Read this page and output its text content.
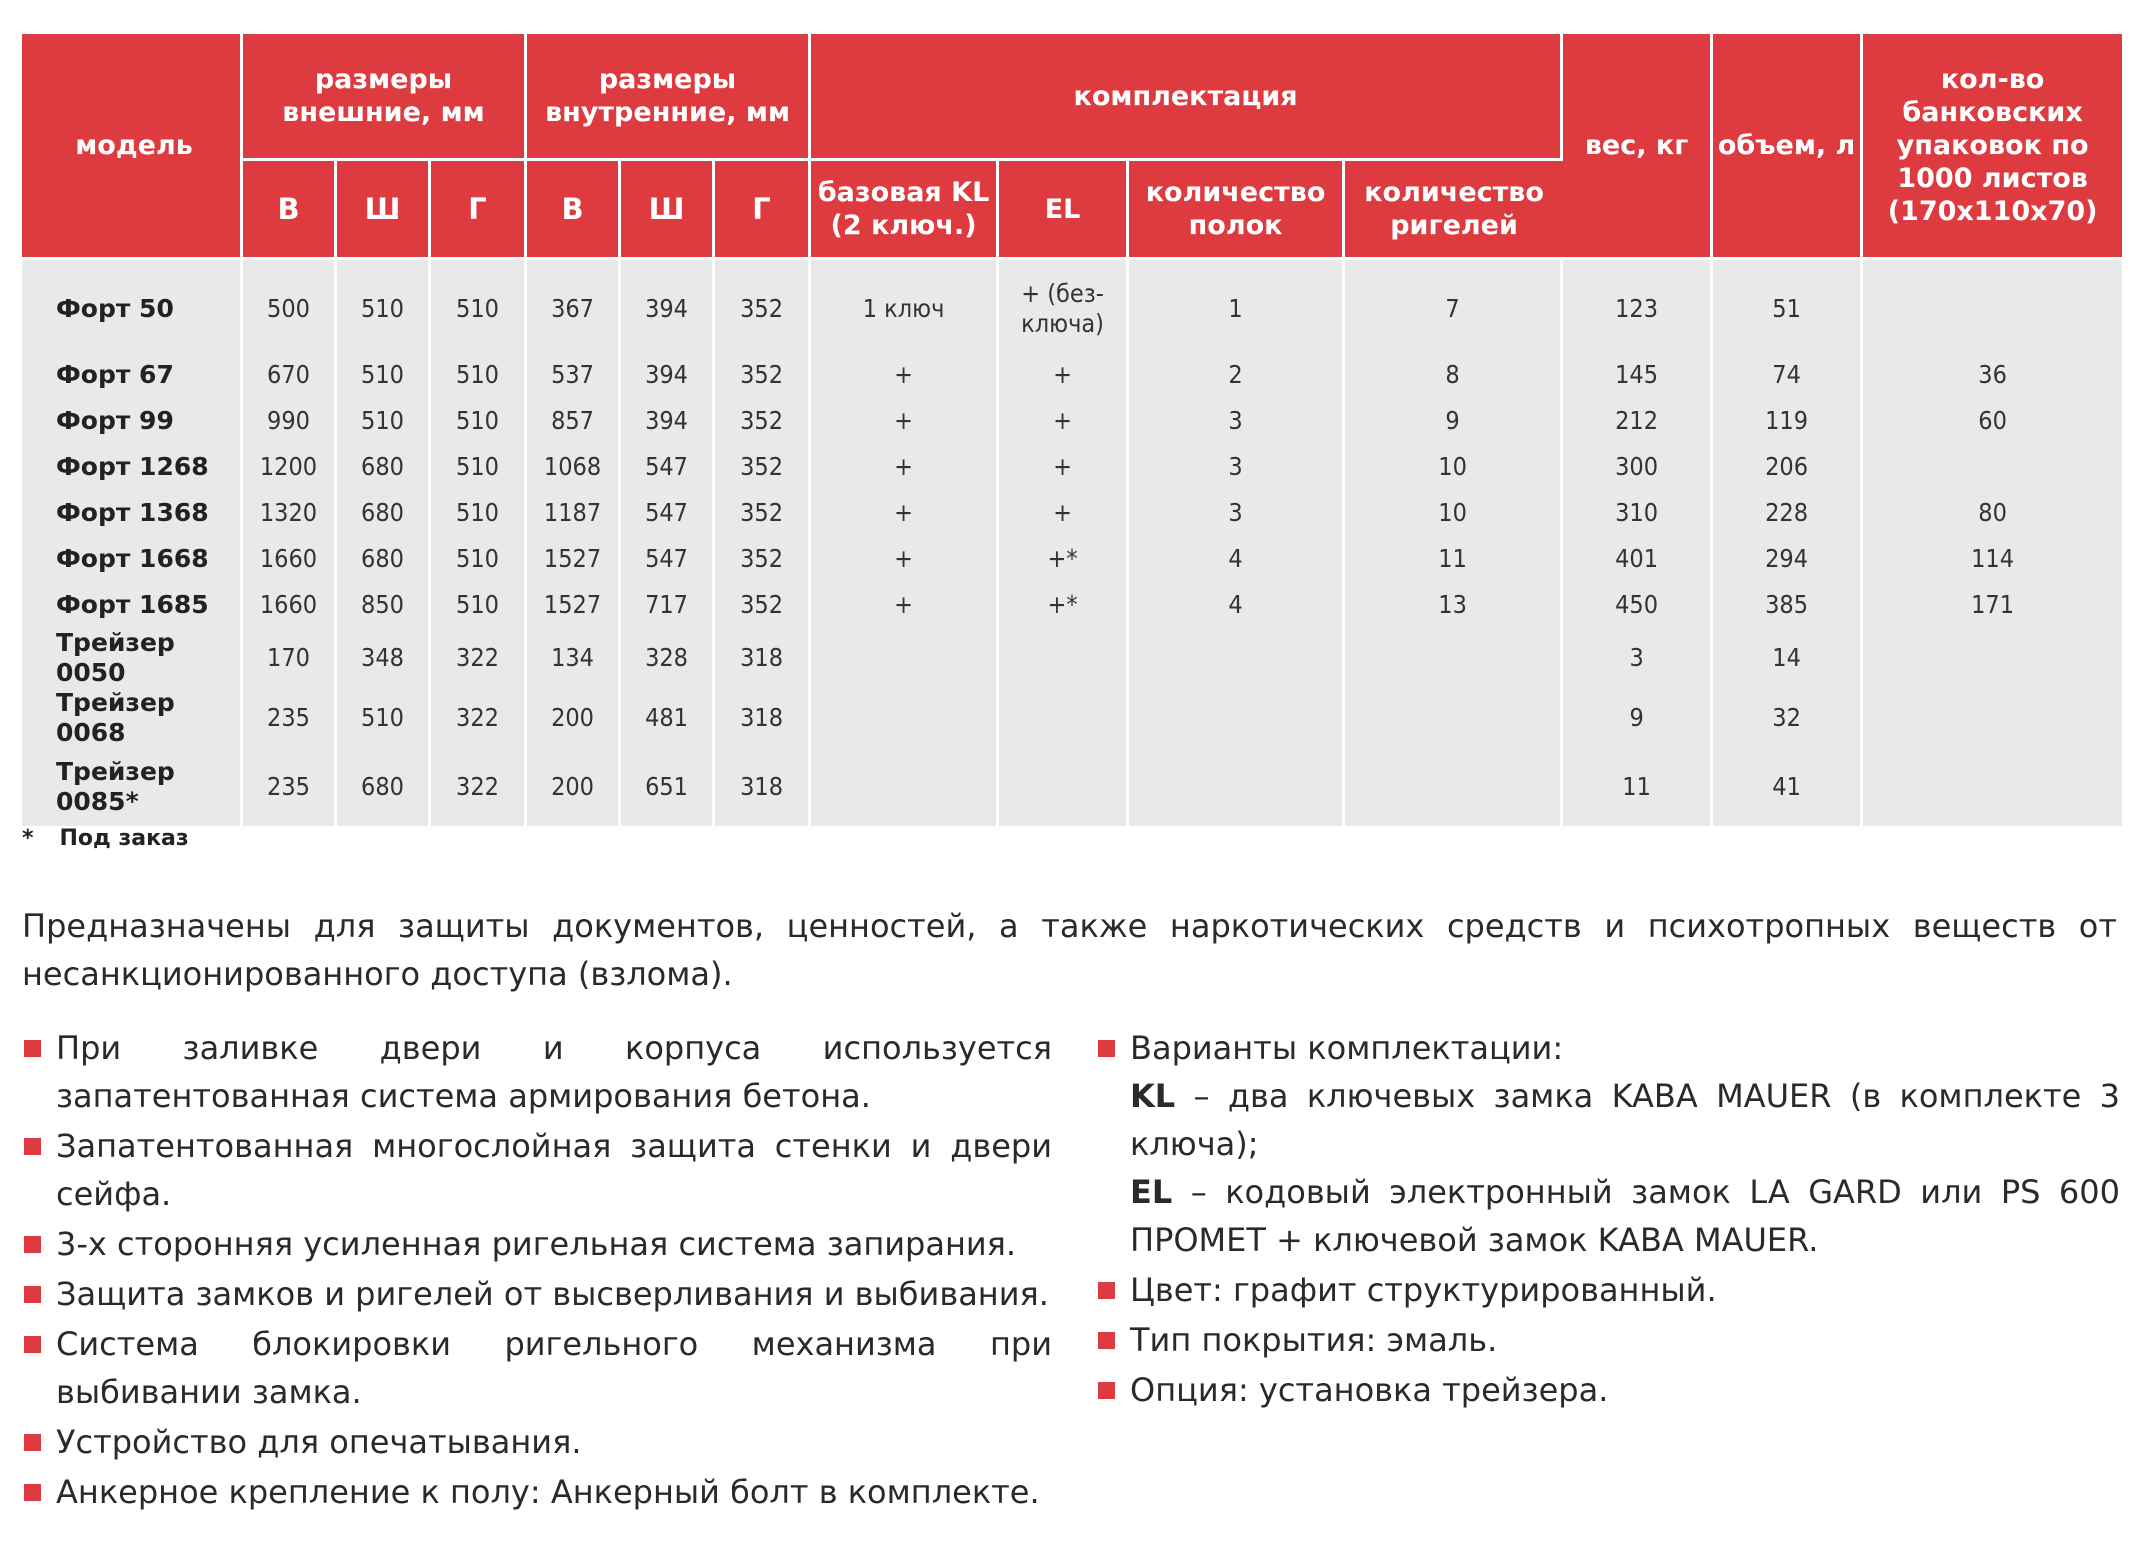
модель	размеры внешние, мм			размеры внутренние, мм			комплектация				вес, кг	объем, л	кол-во банковских упаковок по 1000 листов (170х110х70)
	В	Ш	Г	В	Ш	Г	базовая KL (2 ключ.)	EL	количество полок	количество ригелей			
Форт 50	500	510	510	367	394	352	1 ключ	+ (без-ключа)	1	7	123	51	
Форт 67	670	510	510	537	394	352	+	+	2	8	145	74	36
Форт 99	990	510	510	857	394	352	+	+	3	9	212	119	60
Форт 1268	1200	680	510	1068	547	352	+	+	3	10	300	206	
Форт 1368	1320	680	510	1187	547	352	+	+	3	10	310	228	80
Форт 1668	1660	680	510	1527	547	352	+	+*	4	11	401	294	114
Форт 1685	1660	850	510	1527	717	352	+	+*	4	13	450	385	171
Трейзер 0050	170	348	322	134	328	318					3	14	
Трейзер 0068	235	510	322	200	481	318					9	32	
Трейзер 0085*	235	680	322	200	651	318					11	41	
* Под заказ

Предназначены для защиты документов, ценностей, а также наркотических средств и психотропных веществ от несанкционированного доступа (взлома).

При заливке двери и корпуса используется запатентованная система армирования бетона.
Запатентованная многослойная защита стенки и двери сейфа.
3-х сторонняя усиленная ригельная система запирания.
Защита замков и ригелей от высверливания и выбивания.
Система блокировки ригельного механизма при выбивании замка.
Устройство для опечатывания.
Анкерное крепление к полу: Анкерный болт в комплекте.
Варианты комплектации:
KL – два ключевых замка KABA MAUER (в комплекте 3 ключа);
EL – кодовый электронный замок LA GARD или PS 600 ПРОМЕТ + ключевой замок KABA MAUER.
Цвет: графит структурированный.
Тип покрытия: эмаль.
Опция: установка трейзера.
